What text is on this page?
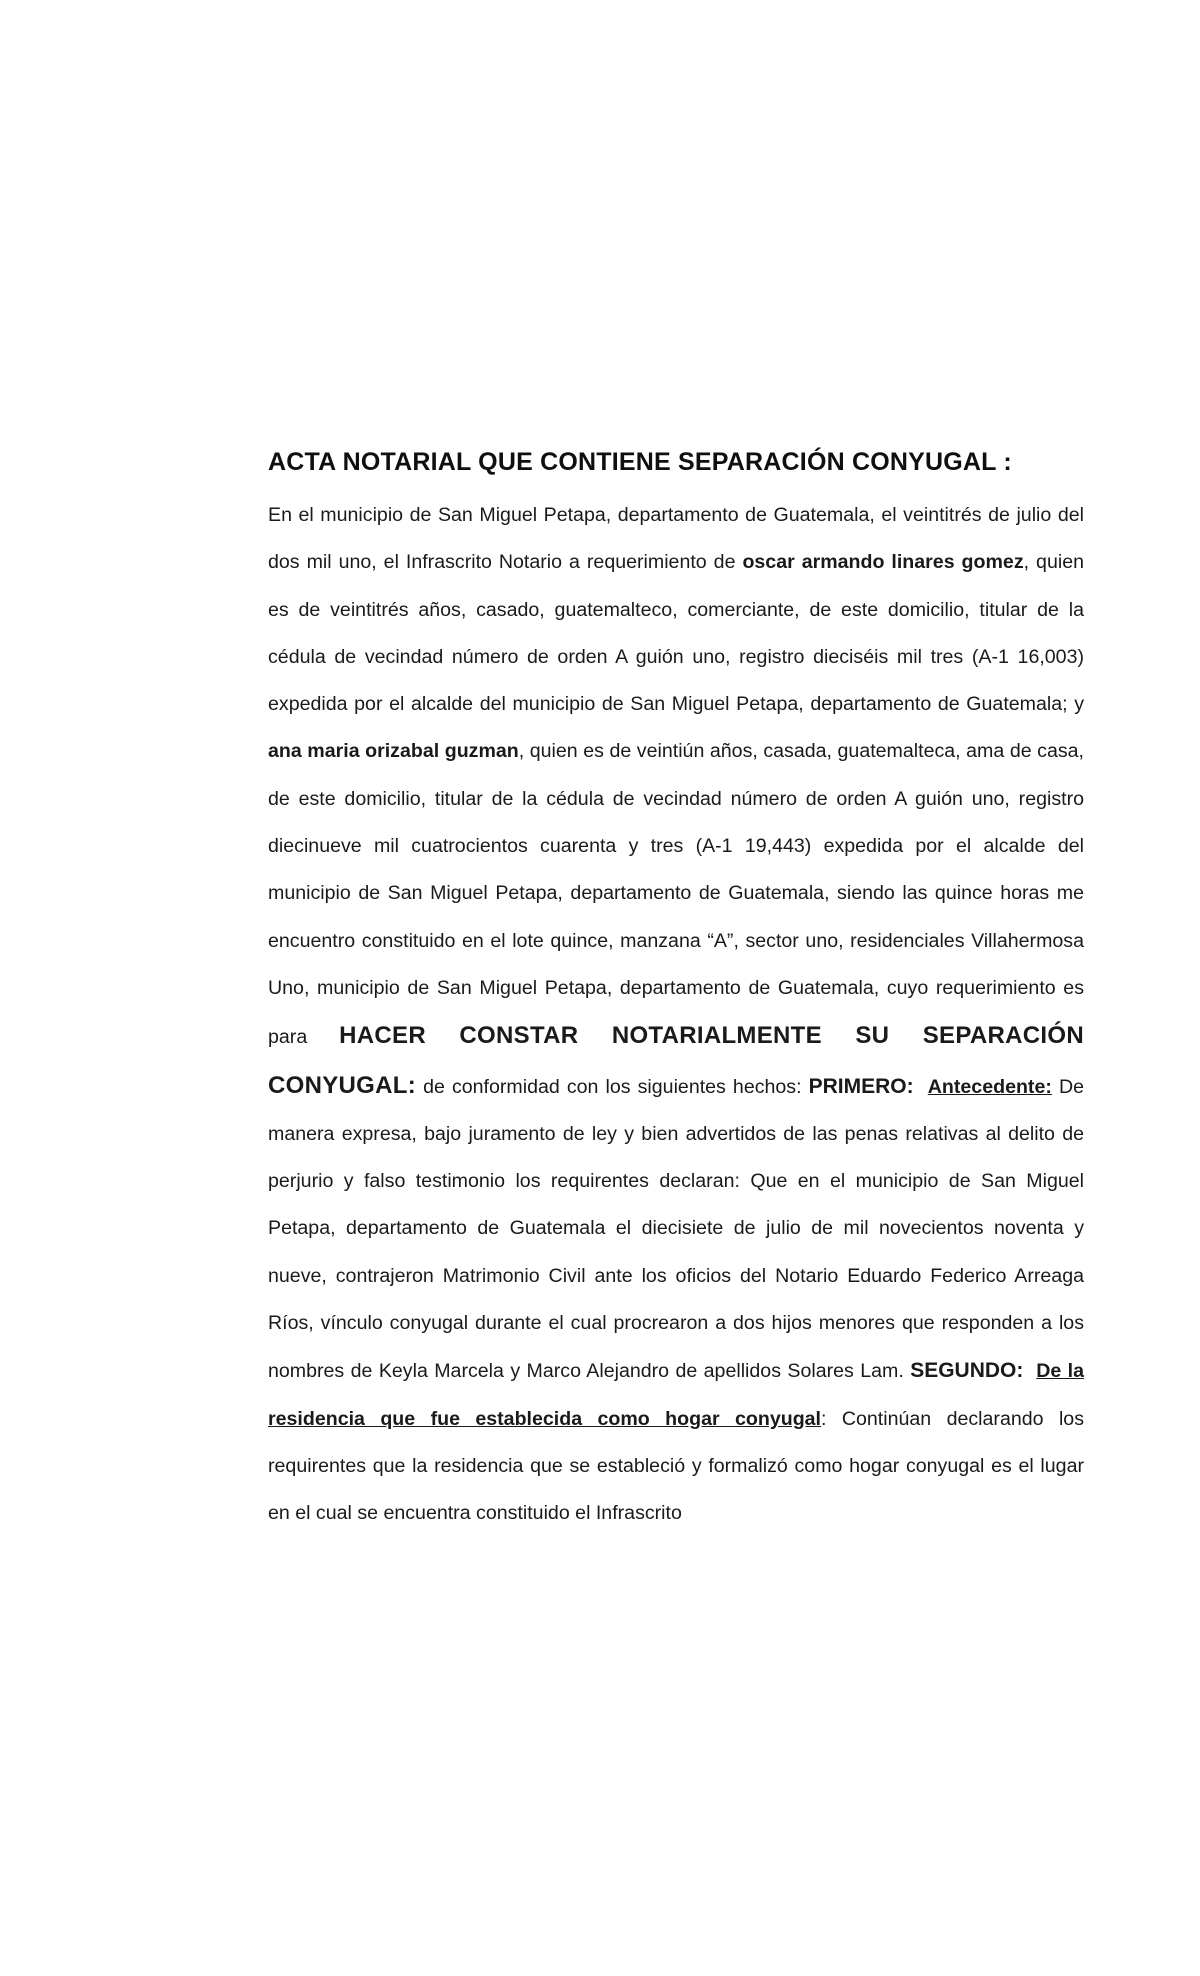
ACTA NOTARIAL QUE CONTIENE SEPARACIÓN CONYUGAL :

En el municipio de San Miguel Petapa, departamento de Guatemala, el veintitrés de julio del dos mil uno, el Infrascrito Notario a requerimiento de oscar armando linares gomez, quien es de veintitrés años, casado, guatemalteco, comerciante, de este domicilio, titular de la cédula de vecindad número de orden A guión uno, registro dieciséis mil tres (A-1 16,003) expedida por el alcalde del municipio de San Miguel Petapa, departamento de Guatemala; y ana maria orizabal guzman, quien es de veintiún años, casada, guatemalteca, ama de casa, de este domicilio, titular de la cédula de vecindad número de orden A guión uno, registro diecinueve mil cuatrocientos cuarenta y tres (A-1 19,443) expedida por el alcalde del municipio de San Miguel Petapa, departamento de Guatemala, siendo las quince horas me encuentro constituido en el lote quince, manzana “A”, sector uno, residenciales Villahermosa Uno, municipio de San Miguel Petapa, departamento de Guatemala, cuyo requerimiento es para HACER CONSTAR NOTARIALMENTE SU SEPARACIÓN CONYUGAL: de conformidad con los siguientes hechos: PRIMERO: Antecedente: De manera expresa, bajo juramento de ley y bien advertidos de las penas relativas al delito de perjurio y falso testimonio los requirentes declaran: Que en el municipio de San Miguel Petapa, departamento de Guatemala el diecisiete de julio de mil novecientos noventa y nueve, contrajeron Matrimonio Civil ante los oficios del Notario Eduardo Federico Arreaga Ríos, vínculo conyugal durante el cual procrearon a dos hijos menores que responden a los nombres de Keyla Marcela y Marco Alejandro de apellidos Solares Lam. SEGUNDO: De la residencia que fue establecida como hogar conyugal: Continúan declarando los requirentes que la residencia que se estableció y formalizó como hogar conyugal es el lugar en el cual se encuentra constituido el Infrascrito
